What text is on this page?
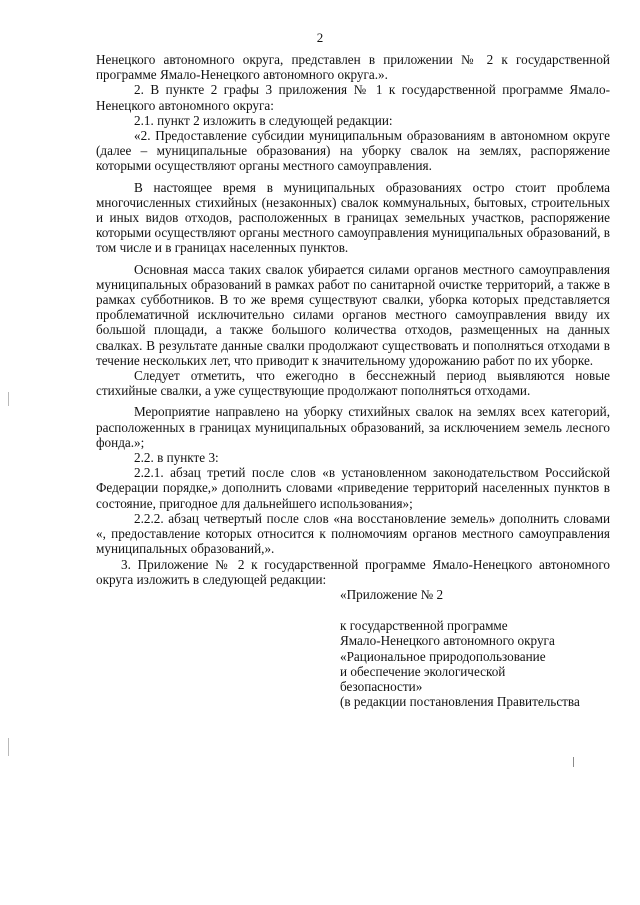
2

Ненецкого автономного округа, представлен в приложении № 2 к государственной программе Ямало-Ненецкого автономного округа.».

2. В пункте 2 графы 3 приложения № 1 к государственной программе Ямало-Ненецкого автономного округа:

2.1. пункт 2 изложить в следующей редакции:

«2. Предоставление субсидии муниципальным образованиям в автономном округе (далее – муниципальные образования) на уборку свалок на землях, распоряжение которыми осуществляют органы местного самоуправления.

В настоящее время в муниципальных образованиях остро стоит проблема многочисленных стихийных (незаконных) свалок коммунальных, бытовых, строительных и иных видов отходов, расположенных в границах земельных участков, распоряжение которыми осуществляют органы местного самоуправления муниципальных образований, в том числе и в границах населенных пунктов.

Основная масса таких свалок убирается силами органов местного самоуправления муниципальных образований в рамках работ по санитарной очистке территорий, а также в рамках субботников. В то же время существуют свалки, уборка которых представляется проблематичной исключительно силами органов местного самоуправления ввиду их большой площади, а также большого количества отходов, размещенных на данных свалках. В результате данные свалки продолжают существовать и пополняться отходами в течение нескольких лет, что приводит к значительному удорожанию работ по их уборке.

Следует отметить, что ежегодно в бесснежный период выявляются новые стихийные свалки, а уже существующие продолжают пополняться отходами.

Мероприятие направлено на уборку стихийных свалок на землях всех категорий, расположенных в границах муниципальных образований, за исключением земель лесного фонда.»;

2.2. в пункте 3:

2.2.1. абзац третий после слов «в установленном законодательством Российской Федерации порядке,» дополнить словами «приведение территорий населенных пунктов в состояние, пригодное для дальнейшего использования»;

2.2.2. абзац четвертый после слов «на восстановление земель» дополнить словами «, предоставление которых относится к полномочиям органов местного самоуправления муниципальных образований,».

3. Приложение № 2 к государственной программе Ямало-Ненецкого автономного округа изложить в следующей редакции:

«Приложение № 2

к государственной программе
Ямало-Ненецкого автономного округа
«Рациональное природопользование
и обеспечение экологической
безопасности»
(в редакции постановления Правительства
